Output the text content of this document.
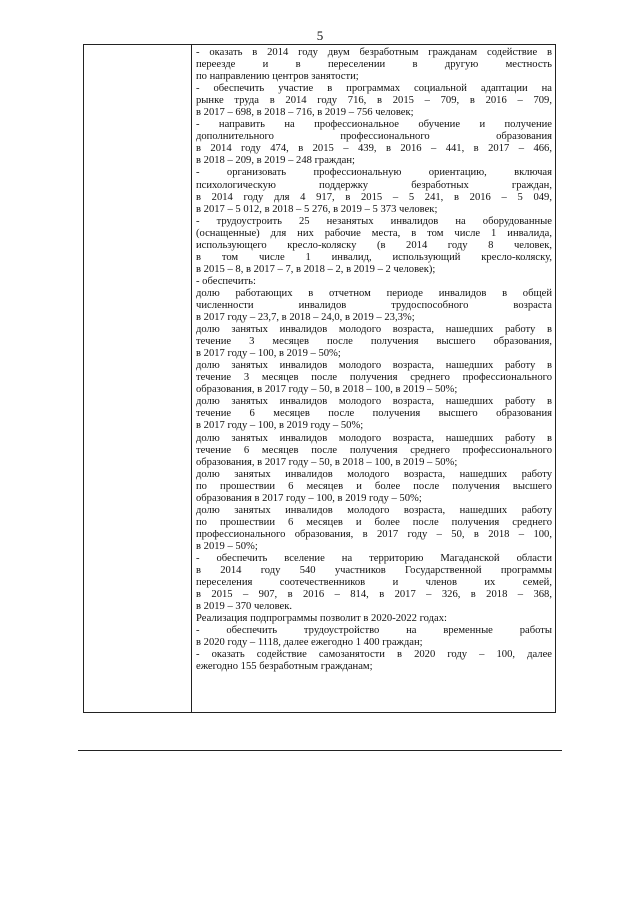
5
- оказать в 2014 году двум безработным гражданам содействие в
переезде и в переселении в другую местность
по направлению центров занятости;
- обеспечить участие в программах социальной адаптации на
рынке труда в 2014 году 716, в 2015 – 709, в 2016 – 709,
в 2017 – 698, в 2018 – 716, в 2019 – 756 человек;
- направить на профессиональное обучение и получение
дополнительного профессионального образования
в 2014 году 474, в 2015 – 439, в 2016 – 441, в 2017 – 466,
в 2018 – 209, в 2019 – 248 граждан;
- организовать профессиональную ориентацию, включая
психологическую поддержку безработных граждан,
в 2014 году для 4 917, в 2015 – 5 241, в 2016 – 5 049,
в 2017 – 5 012, в 2018 – 5 276, в 2019 – 5 373 человек;
- трудоустроить 25 незанятых инвалидов на оборудованные
(оснащенные) для них рабочие места, в том числе 1 инвалида,
использующего кресло-коляску (в 2014 году 8 человек,
в том числе 1 инвалид, использующий кресло-коляску,
в 2015 – 8, в 2017 – 7, в 2018 – 2, в 2019 – 2 человек);
- обеспечить:
долю работающих в отчетном периоде инвалидов в общей
численности инвалидов трудоспособного возраста
в 2017 году – 23,7, в 2018 – 24,0, в 2019 – 23,3%;
долю занятых инвалидов молодого возраста, нашедших работу в
течение 3 месяцев после получения высшего образования,
в 2017 году – 100, в 2019 – 50%;
долю занятых инвалидов молодого возраста, нашедших работу в
течение 3 месяцев после получения среднего профессионального
образования, в 2017 году – 50, в 2018 – 100, в 2019 – 50%;
долю занятых инвалидов молодого возраста, нашедших работу в
течение 6 месяцев после получения высшего образования
в 2017 году – 100, в 2019 году – 50%;
долю занятых инвалидов молодого возраста, нашедших работу в
течение 6 месяцев после получения среднего профессионального
образования, в 2017 году – 50, в 2018 – 100, в 2019 – 50%;
долю занятых инвалидов молодого возраста, нашедших работу
по прошествии 6 месяцев и более после получения высшего
образования в 2017 году – 100, в 2019 году – 50%;
долю занятых инвалидов молодого возраста, нашедших работу
по прошествии 6 месяцев и более после получения среднего
профессионального образования, в 2017 году – 50, в 2018 – 100,
в 2019 – 50%;
- обеспечить вселение на территорию Магаданской области
в 2014 году 540 участников Государственной программы
переселения соотечественников и членов их семей,
в 2015 – 907, в 2016 – 814, в 2017 – 326, в 2018 – 368,
в 2019 – 370 человек.
Реализация подпрограммы позволит в 2020-2022 годах:
- обеспечить трудоустройство на временные работы
в 2020 году – 1118, далее ежегодно 1 400 граждан;
- оказать содействие самозанятости в 2020 году – 100, далее
ежегодно 155 безработным гражданам;
